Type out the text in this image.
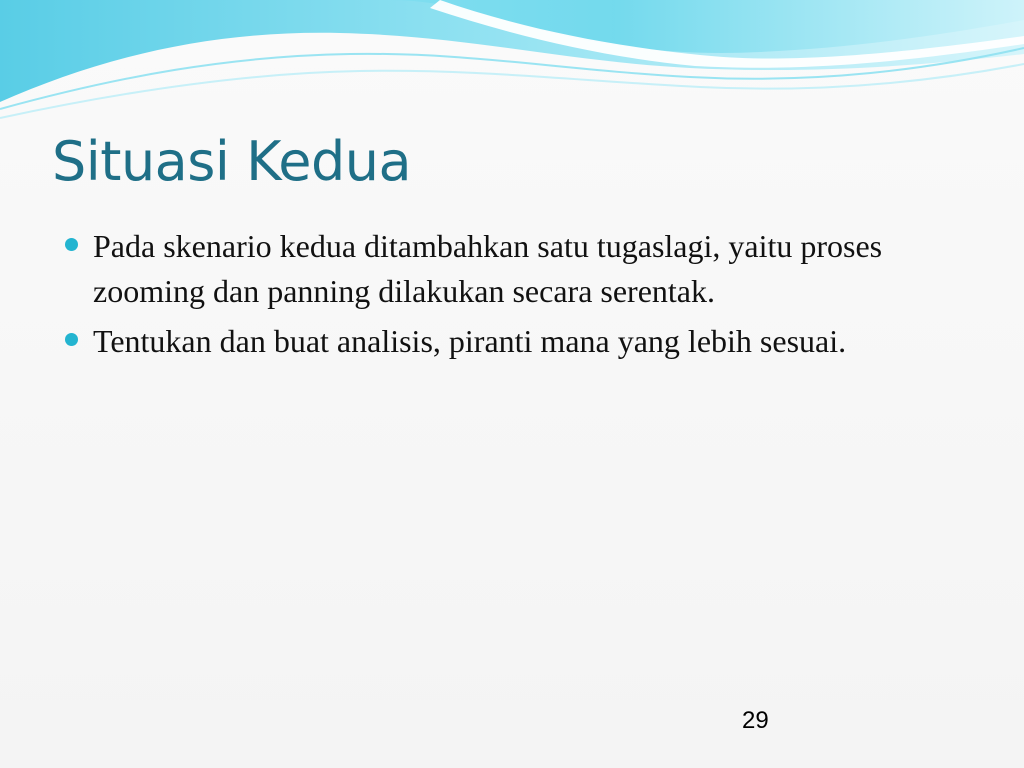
Situasi Kedua
Pada skenario kedua ditambahkan satu tugaslagi, yaitu proses zooming dan panning dilakukan secara serentak.
Tentukan dan buat analisis, piranti mana yang lebih sesuai.
29
